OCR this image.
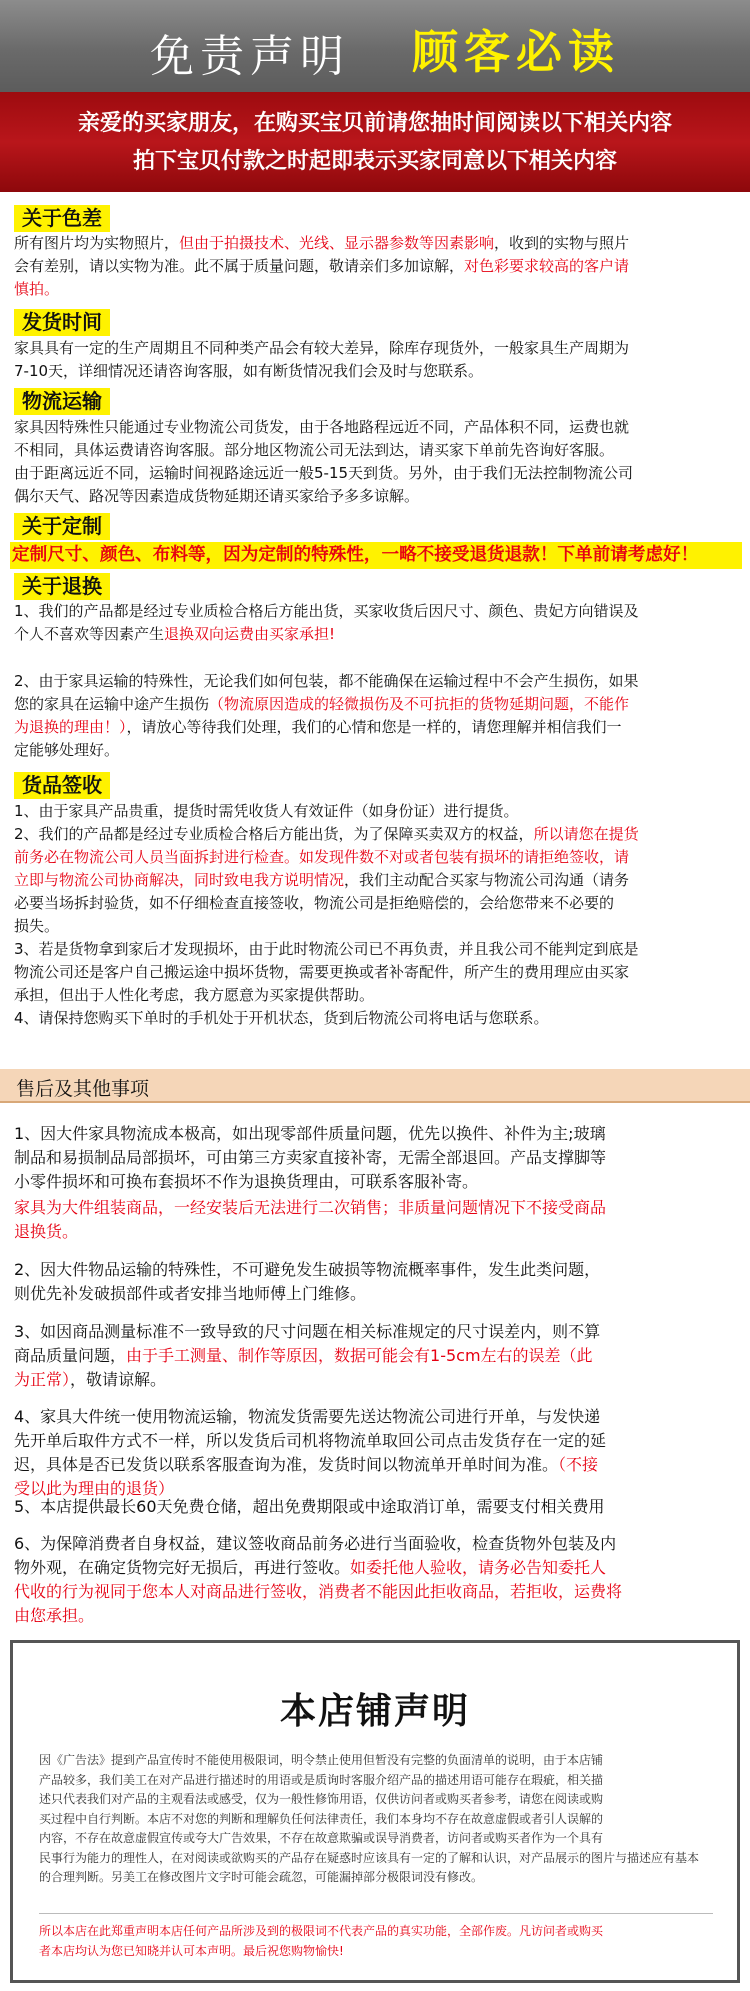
免责声明 顾客必读

亲爱的买家朋友，在购买宝贝前请您抽时间阅读以下相关内容

拍下宝贝付款之时起即表示买家同意以下相关内容

关于色差

所有图片均为实物照片，但由于拍摄技术、光线、显示器参数等因素影响，收到的实物与照片

会有差别，请以实物为准。此不属于质量问题，敬请亲们多加谅解，对色彩要求较高的客户请

慎拍。

发货时间

家具具有一定的生产周期且不同种类产品会有较大差异，除库存现货外，一般家具生产周期为

7-10天，详细情况还请咨询客服，如有断货情况我们会及时与您联系。

物流运输

家具因特殊性只能通过专业物流公司货发，由于各地路程远近不同，产品体积不同，运费也就

不相同，具体运费请咨询客服。部分地区物流公司无法到达，请买家下单前先咨询好客服。

由于距离远近不同，运输时间视路途远近一般5-15天到货。另外，由于我们无法控制物流公司

偶尔天气、路况等因素造成货物延期还请买家给予多多谅解。

关于定制
定制尺寸、颜色、布料等，因为定制的特殊性，一略不接受退货退款！下单前请考虑好！
关于退换

1、我们的产品都是经过专业质检合格后方能出货，买家收货后因尺寸、颜色、贵妃方向错误及

个人不喜欢等因素产生退换双向运费由买家承担!

2、由于家具运输的特殊性，无论我们如何包装，都不能确保在运输过程中不会产生损伤，如果

您的家具在运输中途产生损伤（物流原因造成的轻微损伤及不可抗拒的货物延期问题，不能作

为退换的理由！），请放心等待我们处理，我们的心情和您是一样的，请您理解并相信我们一

定能够处理好。

货品签收

1、由于家具产品贵重，提货时需凭收货人有效证件（如身份证）进行提货。

2、我们的产品都是经过专业质检合格后方能出货，为了保障买卖双方的权益，所以请您在提货

前务必在物流公司人员当面拆封进行检查。如发现件数不对或者包装有损坏的请拒绝签收，请

立即与物流公司协商解决，同时致电我方说明情况，我们主动配合买家与物流公司沟通（请务

必要当场拆封验货，如不仔细检查直接签收，物流公司是拒绝赔偿的，会给您带来不必要的

损失。

3、若是货物拿到家后才发现损坏，由于此时物流公司已不再负责，并且我公司不能判定到底是

物流公司还是客户自己搬运途中损坏货物，需要更换或者补寄配件，所产生的费用理应由买家

承担，但出于人性化考虑，我方愿意为买家提供帮助。

4、请保持您购买下单时的手机处于开机状态，货到后物流公司将电话与您联系。

售后及其他事项

1、因大件家具物流成本极高，如出现零部件质量问题，优先以换件、补件为主;玻璃

制品和易损制品局部损坏，可由第三方卖家直接补寄，无需全部退回。产品支撑脚等

小零件损坏和可换布套损坏不作为退换货理由，可联系客服补寄。

家具为大件组装商品，一经安装后无法进行二次销售；非质量问题情况下不接受商品

退换货。

2、因大件物品运输的特殊性，不可避免发生破损等物流概率事件，发生此类问题，

则优先补发破损部件或者安排当地师傅上门维修。

3、如因商品测量标准不一致导致的尺寸问题在相关标准规定的尺寸误差内，则不算

商品质量问题，由于手工测量、制作等原因，数据可能会有1-5cm左右的误差（此

为正常），敬请谅解。

4、家具大件统一使用物流运输，物流发货需要先送达物流公司进行开单，与发快递

先开单后取件方式不一样，所以发货后司机将物流单取回公司点击发货存在一定的延

迟，具体是否已发货以联系客服查询为准，发货时间以物流单开单时间为准。（不接

受以此为理由的退货）

5、本店提供最长60天免费仓储，超出免费期限或中途取消订单，需要支付相关费用

6、为保障消费者自身权益，建议签收商品前务必进行当面验收，检查货物外包装及内

物外观，在确定货物完好无损后，再进行签收。如委托他人验收，请务必告知委托人

代收的行为视同于您本人对商品进行签收，消费者不能因此拒收商品，若拒收，运费将

由您承担。

本店铺声明

因《广告法》提到产品宣传时不能使用极限词，明令禁止使用但暂没有完整的负面清单的说明，由于本店铺

产品较多，我们美工在对产品进行描述时的用语或是质询时客服介绍产品的描述用语可能存在瑕疵，相关描

述只代表我们对产品的主观看法或感受，仅为一般性修饰用语，仅供访问者或购买者参考，请您在阅读或购

买过程中自行判断。本店不对您的判断和理解负任何法律责任，我们本身均不存在故意虚假或者引人误解的

内容，不存在故意虚假宣传或夸大广告效果，不存在故意欺骗或误导消费者，访问者或购买者作为一个具有

民事行为能力的理性人，在对阅读或欲购买的产品存在疑惑时应该具有一定的了解和认识，对产品展示的图片与描述应有基本

的合理判断。另美工在修改图片文字时可能会疏忽，可能漏掉部分极限词没有修改。

所以本店在此郑重声明本店任何产品所涉及到的极限词不代表产品的真实功能，全部作废。凡访问者或购买

者本店均认为您已知晓并认可本声明。最后祝您购物愉快!
